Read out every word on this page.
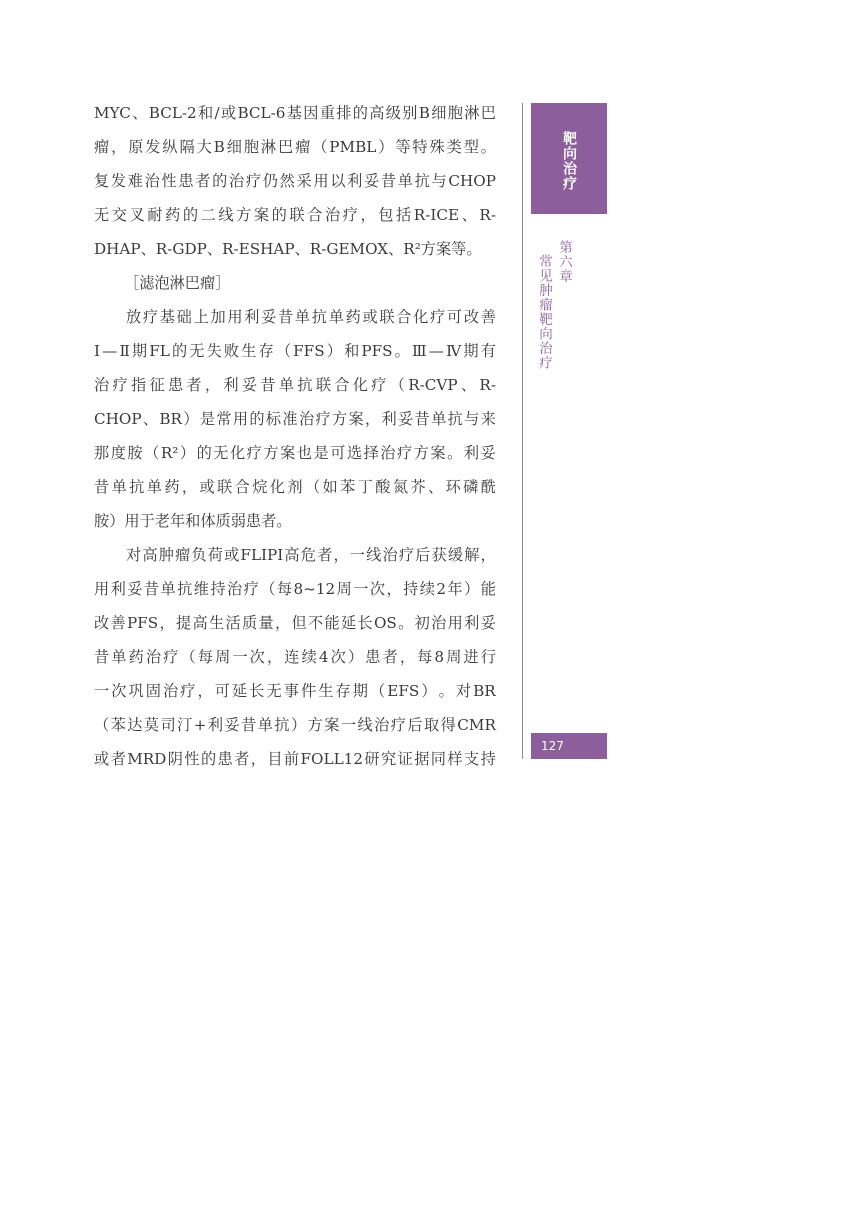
MYC 、 BCL-2 和 / 或 BCL-6 基 因 重 排 的 高 级 别 B 细 胞 淋 巴
瘤 ， 原 发 纵 隔 大 B 细 胞 淋 巴 瘤 （ PMBL ） 等 特 殊 类 型 。
复 发 难 治 性 患 者 的 治 疗 仍 然 采 用 以 利 妥 昔 单 抗 与 CHOP
无 交 叉 耐 药 的 二 线 方 案 的 联 合 治 疗 ， 包 括 R-ICE 、 R-
DHAP、R-GDP、R-ESHAP、R-GEMOX、R²方案等。
［滤泡淋巴瘤］
放 疗 基 础 上 加 用 利 妥 昔 单 抗 单 药 或 联 合 化 疗 可 改 善
Ⅰ — Ⅱ 期 FL 的 无 失 败 生 存 （ FFS ） 和 PFS 。 Ⅲ — Ⅳ 期 有
治 疗 指 征 患 者 ， 利 妥 昔 单 抗 联 合 化 疗 （ R-CVP 、 R-
CHOP 、 BR ） 是 常 用 的 标 准 治 疗 方 案 ， 利 妥 昔 单 抗 与 来
那 度 胺 （ R² ） 的 无 化 疗 方 案 也 是 可 选 择 治 疗 方 案 。 利 妥
昔 单 抗 单 药 ， 或 联 合 烷 化 剂 （ 如 苯 丁 酸 氮 芥 、 环 磷 酰
胺）用于老年和体质弱患者。
对 高 肿 瘤 负 荷 或 FLIPI 高 危 者 ， 一 线 治 疗 后 获 缓 解 ，
用 利 妥 昔 单 抗 维 持 治 疗 （ 每 8~12 周 一 次 ， 持 续 2 年 ） 能
改 善 PFS ， 提 高 生 活 质 量 ， 但 不 能 延 长 OS 。 初 治 用 利 妥
昔 单 药 治 疗 （ 每 周 一 次 ， 连 续 4 次 ） 患 者 ， 每 8 周 进 行
一 次 巩 固 治 疗 ， 可 延 长 无 事 件 生 存 期 （ EFS ） 。 对 BR
（ 苯 达 莫 司 汀 + 利 妥 昔 单 抗 ） 方 案 一 线 治 疗 后 取 得 CMR
或 者 MRD 阴 性 的 患 者 ， 目 前 FOLL12 研 究 证 据 同 样 支 持
靶向治疗
第六章
常见肿瘤靶向治疗
127
